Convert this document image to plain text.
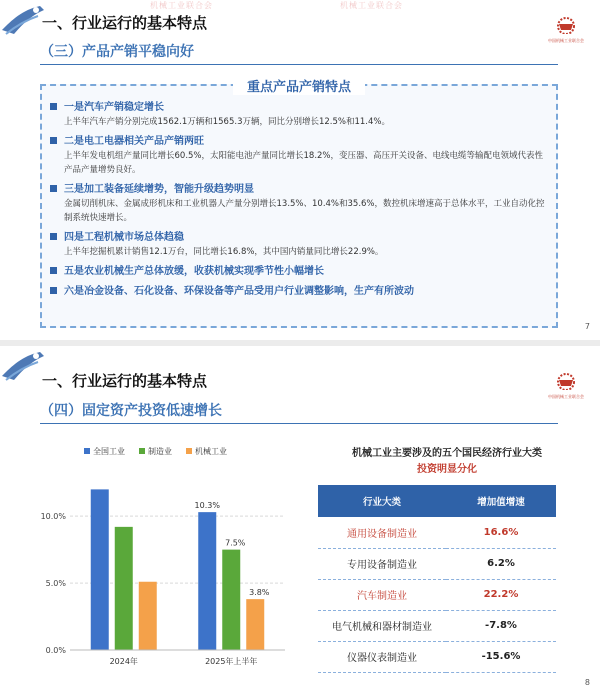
机械工业联合会	机械工业联合会
中国机械工业联合会
一、行业运行的基本特点
（三）产品产销平稳向好
重点产品产销特点
一是汽车产销稳定增长
上半年汽车产销分别完成1562.1万辆和1565.3万辆，同比分别增长12.5%和11.4%。
二是电工电器相关产品产销两旺
上半年发电机组产量同比增长60.5%，太阳能电池产量同比增长18.2%，变压器、高压开关设备、电线电缆等输配电领域代表性产品产量增势良好。
三是加工装备延续增势，智能升级趋势明显
金属切削机床、金属成形机床和工业机器人产量分别增长13.5%、10.4%和35.6%，数控机床增速高于总体水平，工业自动化控制系统快速增长。
四是工程机械市场总体趋稳
上半年挖掘机累计销售12.1万台，同比增长16.8%，其中国内销量同比增长22.9%。
五是农业机械生产总体放缓，收获机械实现季节性小幅增长
六是冶金设备、石化设备、环保设备等产品受用户行业调整影响，生产有所波动
7
中国机械工业联合会
一、行业运行的基本特点
（四）固定资产投资低速增长
0.0%
5.0%
10.0%
全国工业	制造业	机械工业
2024年
10.3%
7.5%
3.8%
2025年上半年
机械工业主要涉及的五个国民经济行业大类
投资明显分化
行业大类	增加值增速
通用设备制造业	16.6%
专用设备制造业	6.2%
汽车制造业	22.2%
电气机械和器材制造业	-7.8%
仪器仪表制造业	-15.6%
8
